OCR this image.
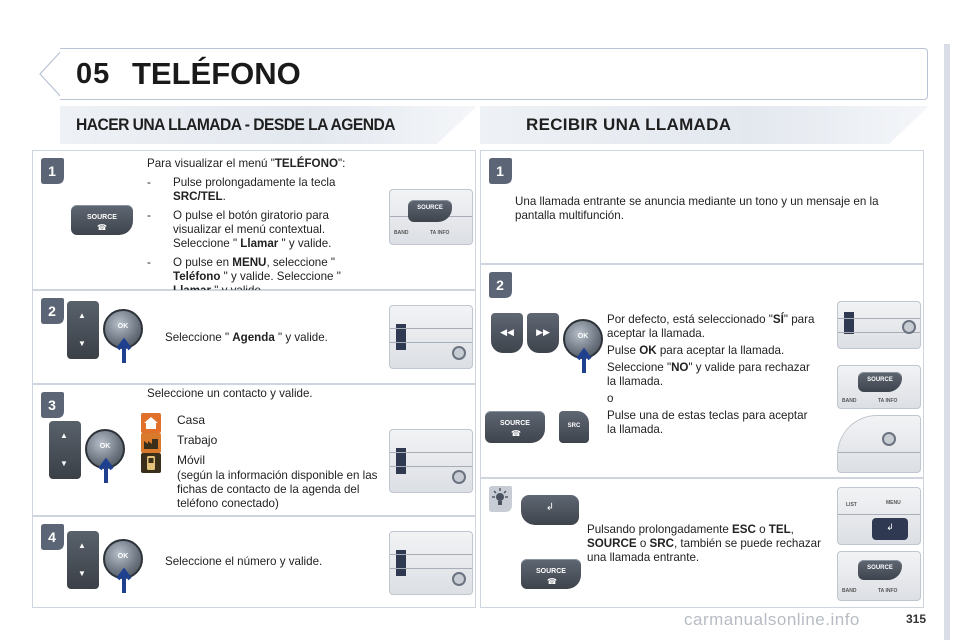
05 TELÉFONO
HACER UNA LLAMADA - DESDE LA AGENDA	RECIBIR UNA LLAMADA
1
SOURCE
☎
Para visualizar el menú "TELÉFONO":
- Pulse prolongadamente la tecla SRC/TEL.
- O pulse el botón giratorio para visualizar el menú contextual. Seleccione " Llamar " y valide.
- O pulse en MENU, seleccione " Teléfono " y valide. Seleccione "
SOURCE
BAND	TA INFO
2	▲
▼
OK
Seleccione " Agenda " y valide.
3
Seleccione un contacto y valide.
▲
▼
OK
Casa
Trabajo
Móvil
(según la información disponible en las fichas de contacto de la agenda del teléfono conectado)
4
▲
▼
OK	Seleccione el número y valide.
1
Una llamada entrante se anuncia mediante un tono y un mensaje en la pantalla multifunción.
2
◀◀	▶▶	OK
SOURCE
☎
SRC
Por defecto, está seleccionado "SÍ" para aceptar la llamada.
Pulse OK para aceptar la llamada.
Seleccione "NO" y valide para rechazar la llamada.
o
Pulse una de estas teclas para aceptar la llamada.
SOURCE
BAND	TA INFO
↲
SOURCE
☎
Pulsando prolongadamente ESC o TEL, SOURCE o SRC, también se puede rechazar una llamada entrante.
LIST	MENU
↲
SOURCE
BAND	TA INFO
carmanualsonline.info	315
